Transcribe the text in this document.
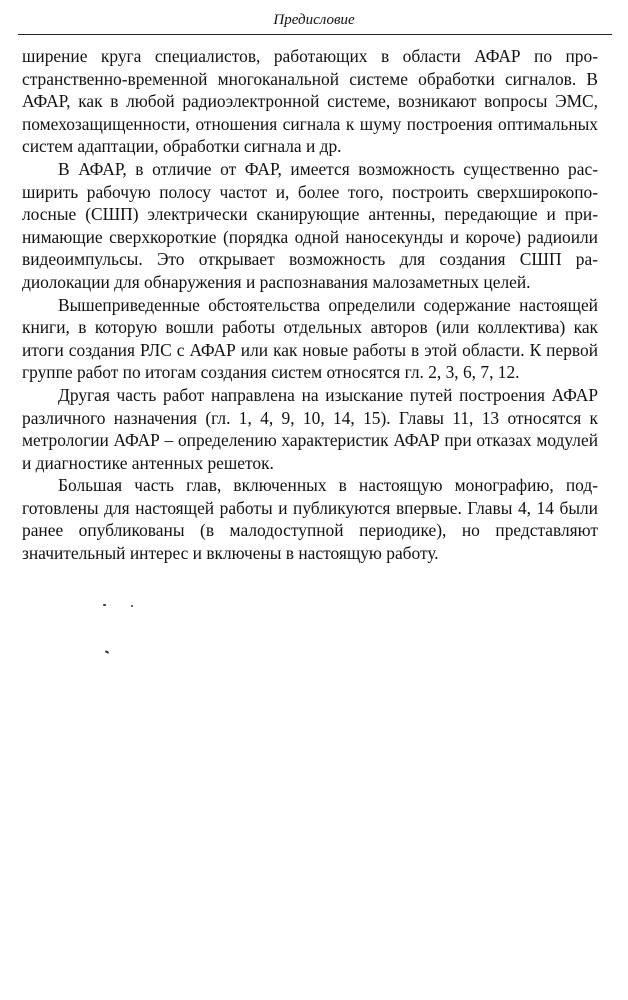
Предисловие

ширение круга специалистов, работающих в области АФАР по пространственно-временной многоканальной системе обработки сигналов. В АФАР, как в любой радиоэлектронной системе, возникают вопросы ЭМС, помехозащищенности, отношения сигнала к шуму построения оптимальных систем адаптации, обработки сигнала и др.

В АФАР, в отличие от ФАР, имеется возможность существенно расширить рабочую полосу частот и, более того, построить сверхширокополосные (СШП) электрически сканирующие антенны, передающие и принимающие сверхкороткие (порядка одной наносекунды и короче) радиоили видеоимпульсы. Это открывает возможность для создания СШП радиолокации для обнаружения и распознавания малозаметных целей.

Вышеприведенные обстоятельства определили содержание настоящей книги, в которую вошли работы отдельных авторов (или коллектива) как итоги создания РЛС с АФАР или как новые работы в этой области. К первой группе работ по итогам создания систем относятся гл. 2, 3, 6, 7, 12.

Другая часть работ направлена на изыскание путей построения АФАР различного назначения (гл. 1, 4, 9, 10, 14, 15). Главы 11, 13 относятся к метрологии АФАР – определению характеристик АФАР при отказах модулей и диагностике антенных решеток.

Большая часть глав, включенных в настоящую монографию, подготовлены для настоящей работы и публикуются впервые. Главы 4, 14 были ранее опубликованы (в малодоступной периодике), но представляют значительный интерес и включены в настоящую работу.
